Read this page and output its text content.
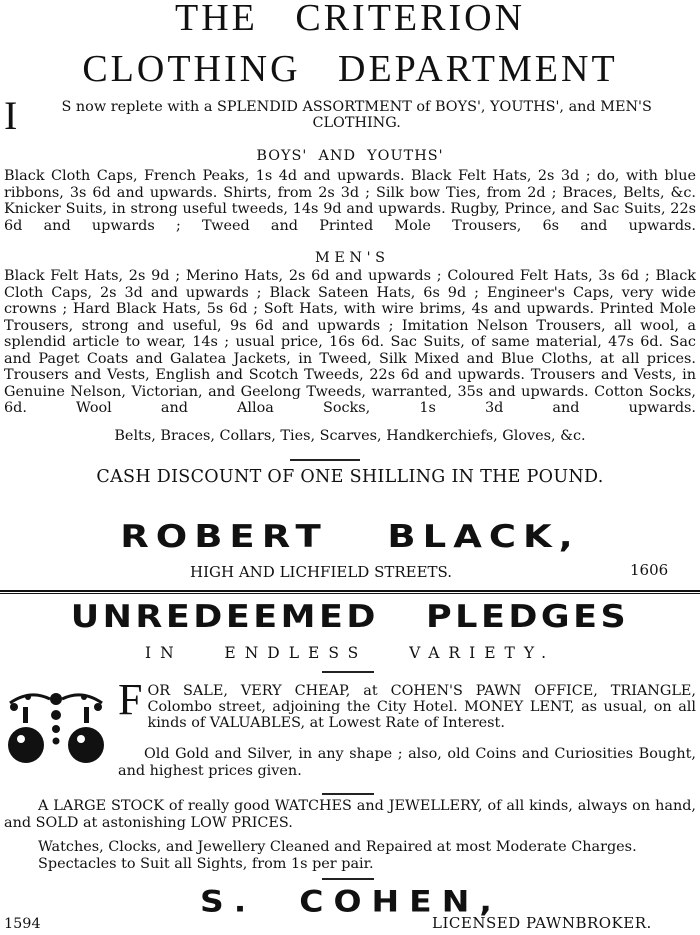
THE   CRITERION
CLOTHING   DEPARTMENT
I	S now replete with a SPLENDID ASSORTMENT of BOYS', YOUTHS', and MEN'S CLOTHING.
BOYS'  AND  YOUTHS'
Black Cloth Caps, French Peaks, 1s 4d and upwards. Black Felt Hats, 2s 3d ; do, with blue ribbons, 3s 6d and upwards. Shirts, from 2s 3d ; Silk bow Ties, from 2d ; Braces, Belts, &c. Knicker Suits, in strong useful tweeds, 14s 9d and upwards. Rugby, Prince, and Sac Suits, 22s 6d and upwards ; Tweed and Printed Mole Trousers, 6s and upwards.
M E N ' S
Black Felt Hats, 2s 9d ; Merino Hats, 2s 6d and upwards ; Coloured Felt Hats, 3s 6d ; Black Cloth Caps, 2s 3d and upwards ; Black Sateen Hats, 6s 9d ; Engineer's Caps, very wide crowns ; Hard Black Hats, 5s 6d ; Soft Hats, with wire brims, 4s and upwards. Printed Mole Trousers, strong and useful, 9s 6d and upwards ; Imitation Nelson Trousers, all wool, a splendid article to wear, 14s ; usual price, 16s 6d. Sac Suits, of same material, 47s 6d. Sac and Paget Coats and Galatea Jackets, in Tweed, Silk Mixed and Blue Cloths, at all prices. Trousers and Vests, English and Scotch Tweeds, 22s 6d and upwards. Trousers and Vests, in Genuine Nelson, Victorian, and Geelong Tweeds, warranted, 35s and upwards. Cotton Socks, 6d. Wool and Alloa Socks, 1s 3d and upwards.
Belts, Braces, Collars, Ties, Scarves, Handkerchiefs, Gloves, &c.
CASH DISCOUNT OF ONE SHILLING IN THE POUND.
ROBERT   BLACK,
HIGH AND LICHFIELD STREETS.	1606
UNREDEEMED   PLEDGES
IN   ENDLESS   VARIETY.
F OR SALE, VERY CHEAP, at COHEN'S PAWN OFFICE, TRIANGLE, Colombo street, adjoining the City Hotel. MONEY LENT, as usual, on all kinds of VALUABLES, at Lowest Rate of Interest.
Old Gold and Silver, in any shape ; also, old Coins and Curiosities Bought, and highest prices given.
A LARGE STOCK of really good WATCHES and JEWELLERY, of all kinds, always on hand, and SOLD at astonishing LOW PRICES.
Watches, Clocks, and Jewellery Cleaned and Repaired at most Moderate Charges.
Spectacles to Suit all Sights, from 1s per pair.
S.  COHEN,
1594	LICENSED PAWNBROKER.
